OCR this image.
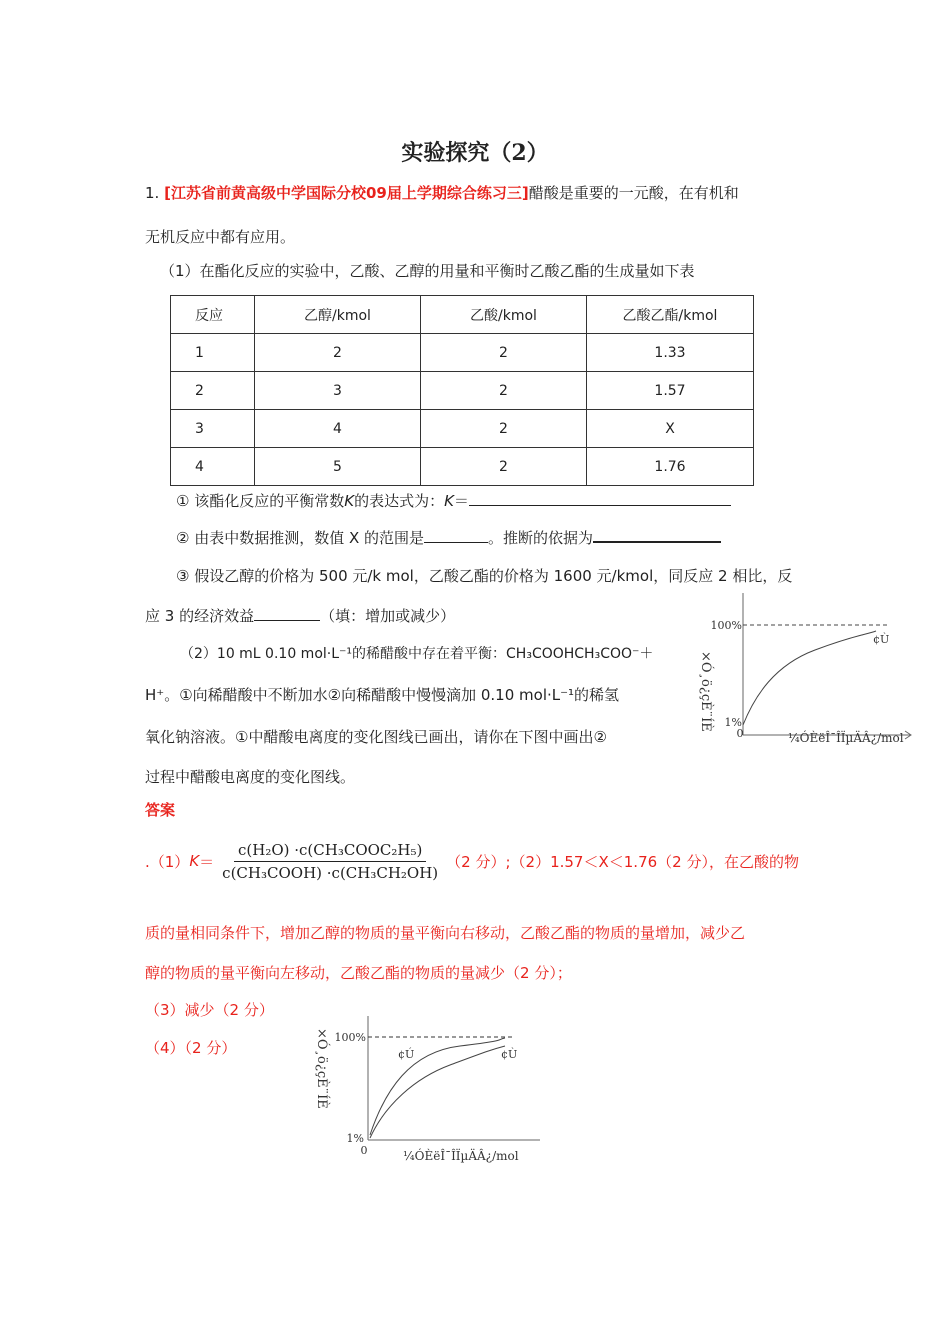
实验探究（2）
1. [江苏省前黄高级中学国际分校09届上学期综合练习三]醋酸是重要的一元酸，在有机和
无机反应中都有应用。
（1）在酯化反应的实验中，乙酸、乙醇的用量和平衡时乙酸乙酯的生成量如下表
反应	乙醇/kmol	乙酸/kmol	乙酸乙酯/kmol
1	2	2	1.33
2	3	2	1.57
3	4	2	X
4	5	2	1.76
① 该酯化反应的平衡常数K的表达式为：K＝
② 由表中数据推测，数值 X 的范围是	。推断的依据为
③ 假设乙醇的价格为 500 元/k mol，乙酸乙酯的价格为 1600 元/kmol，同反应 2 相比，反
应 3 的经济效益	（填：增加或减少）
（2）10 mL 0.10 mol·L⁻¹的稀醋酸中存在着平衡：CH₃COOHCH₃COO⁻＋
H⁺。①向稀醋酸中不断加水②向稀醋酸中慢慢滴加 0.10 mol·L⁻¹的稀氢
氧化钠溶液。①中醋酸电离度的变化图线已画出，请你在下图中画出②
过程中醋酸电离度的变化图线。
100%
1%
0	¼ÓÈëÎ¯ÎÏµÄÂ¿/mol
¢Ù
×Ó¸ö¿çÈ¨ÍÈ
答案
.（1） $K = \frac{\text{c(H₂O) ·c(CH₃COOC₂H₅)}}{\text{c(CH₃COOH) ·c(CH₃CH₂OH)}} (2$ 分）;（2）1.57＜X＜1.76（2 分），在乙酸的物
质的量相同条件下，增加乙醇的物质的量平衡向右移动，乙酸乙酯的物质的量增加，减少乙
醇的物质的量平衡向左移动，乙酸乙酯的物质的量减少（2 分）；
（3）减少（2 分）
（4）（2 分）
100%
1%
0	¼ÓÈëÎ¯ÎÏµÄÂ¿/mol
¢Ú	¢Ù
×Ó¸ö¿çÈ¨ÍÈ
